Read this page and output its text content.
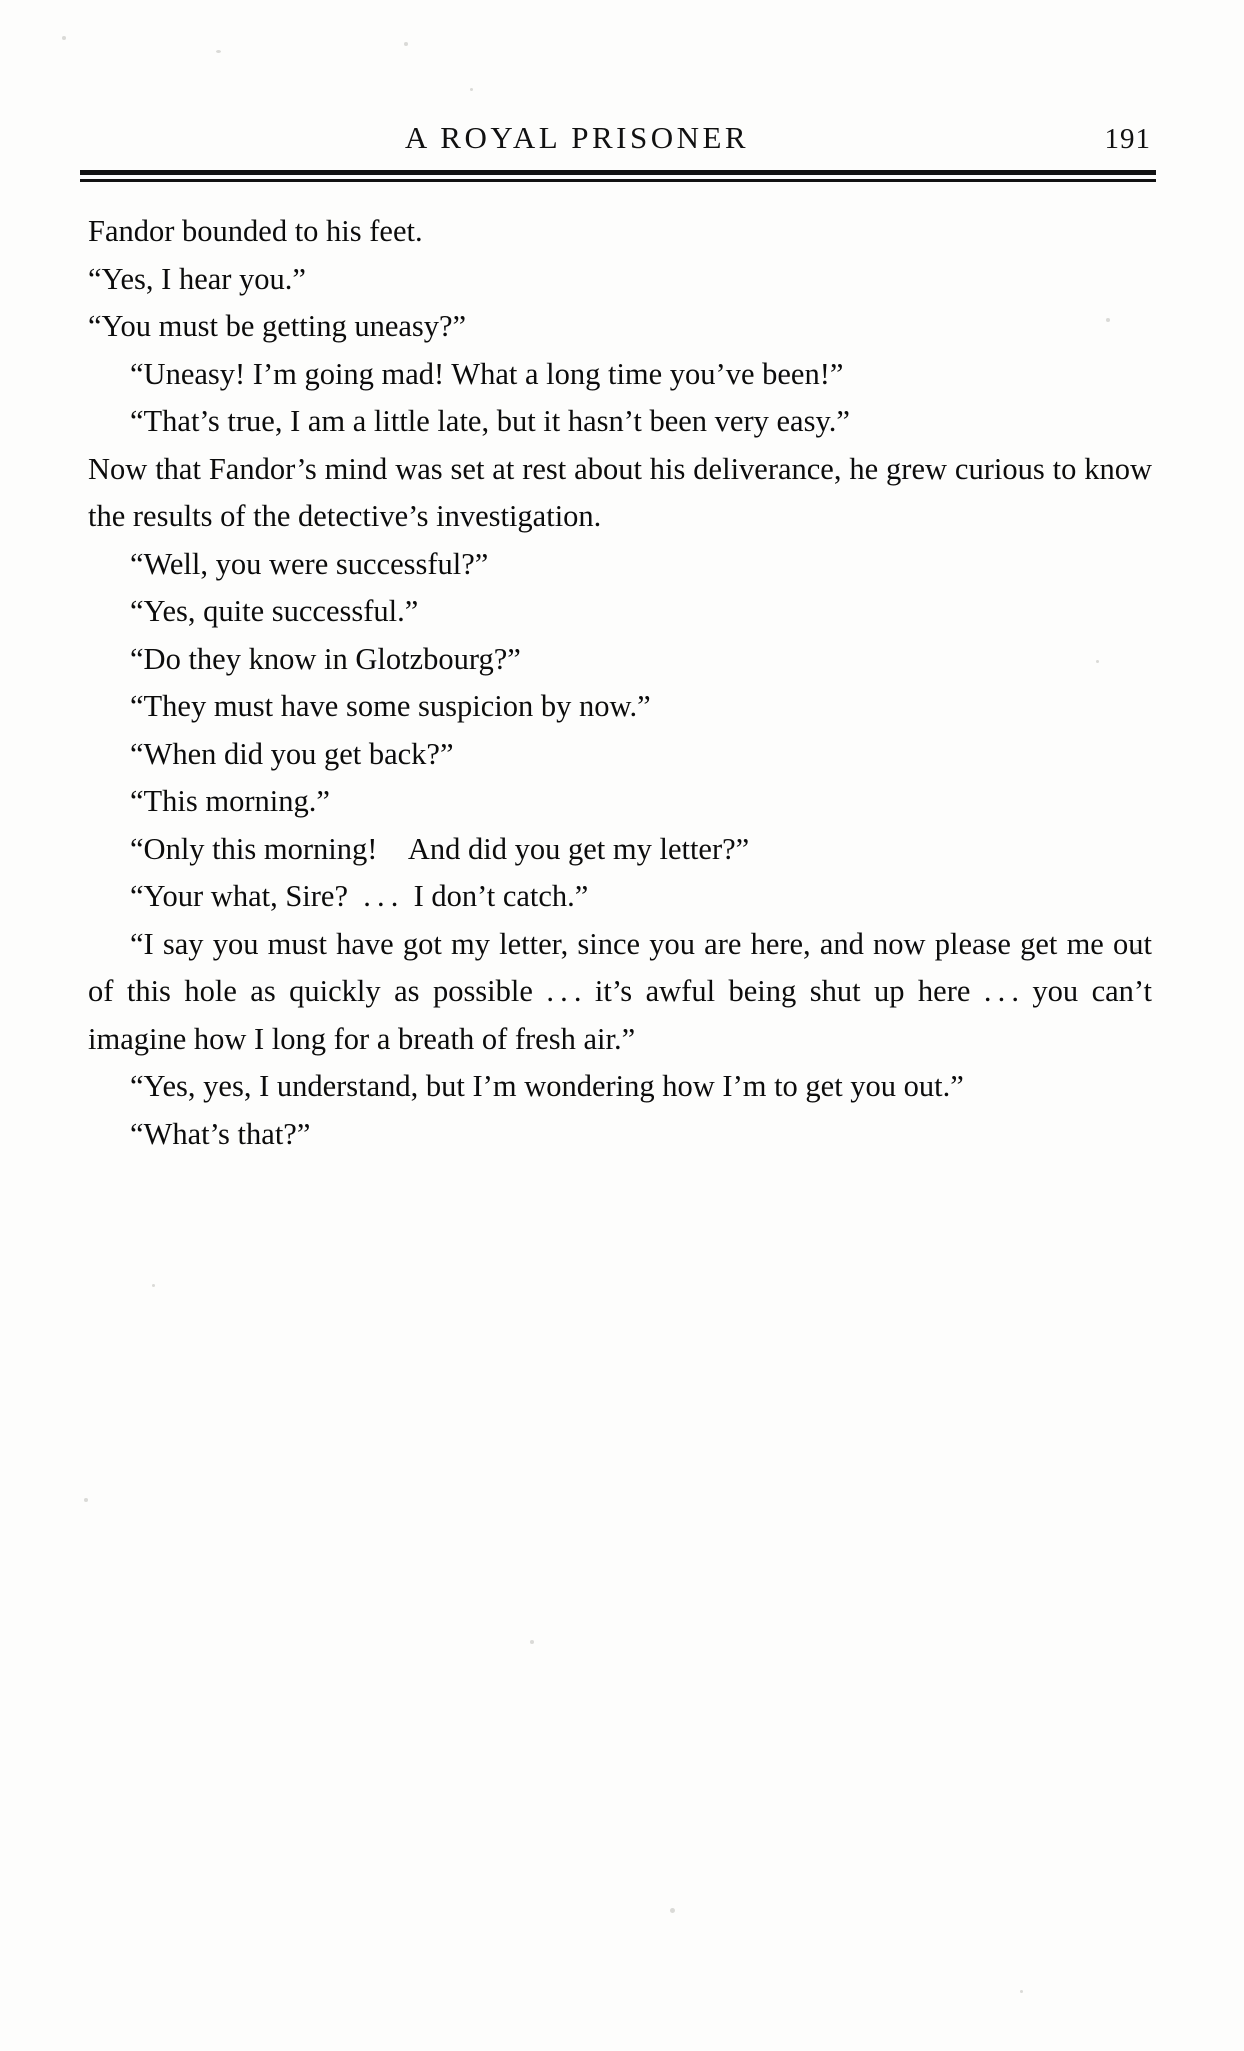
A ROYAL PRISONER	191

Fandor bounded to his feet.

“Yes, I hear you.”

“You must be getting uneasy?”

“Uneasy! I’m going mad! What a long time you’ve been!”

“That’s true, I am a little late, but it hasn’t been very easy.”

Now that Fandor’s mind was set at rest about his deliverance, he grew curious to know the results of the detective’s investigation.

“Well, you were successful?”

“Yes, quite successful.”

“Do they know in Glotzbourg?”

“They must have some suspicion by now.”

“When did you get back?”

“This morning.”

“Only this morning! And did you get my letter?”

“Your what, Sire? . . . I don’t catch.”

“I say you must have got my letter, since you are here, and now please get me out of this hole as quickly as possible . . . it’s awful being shut up here . . . you can’t imagine how I long for a breath of fresh air.”

“Yes, yes, I understand, but I’m wondering how I’m to get you out.”

“What’s that?”
